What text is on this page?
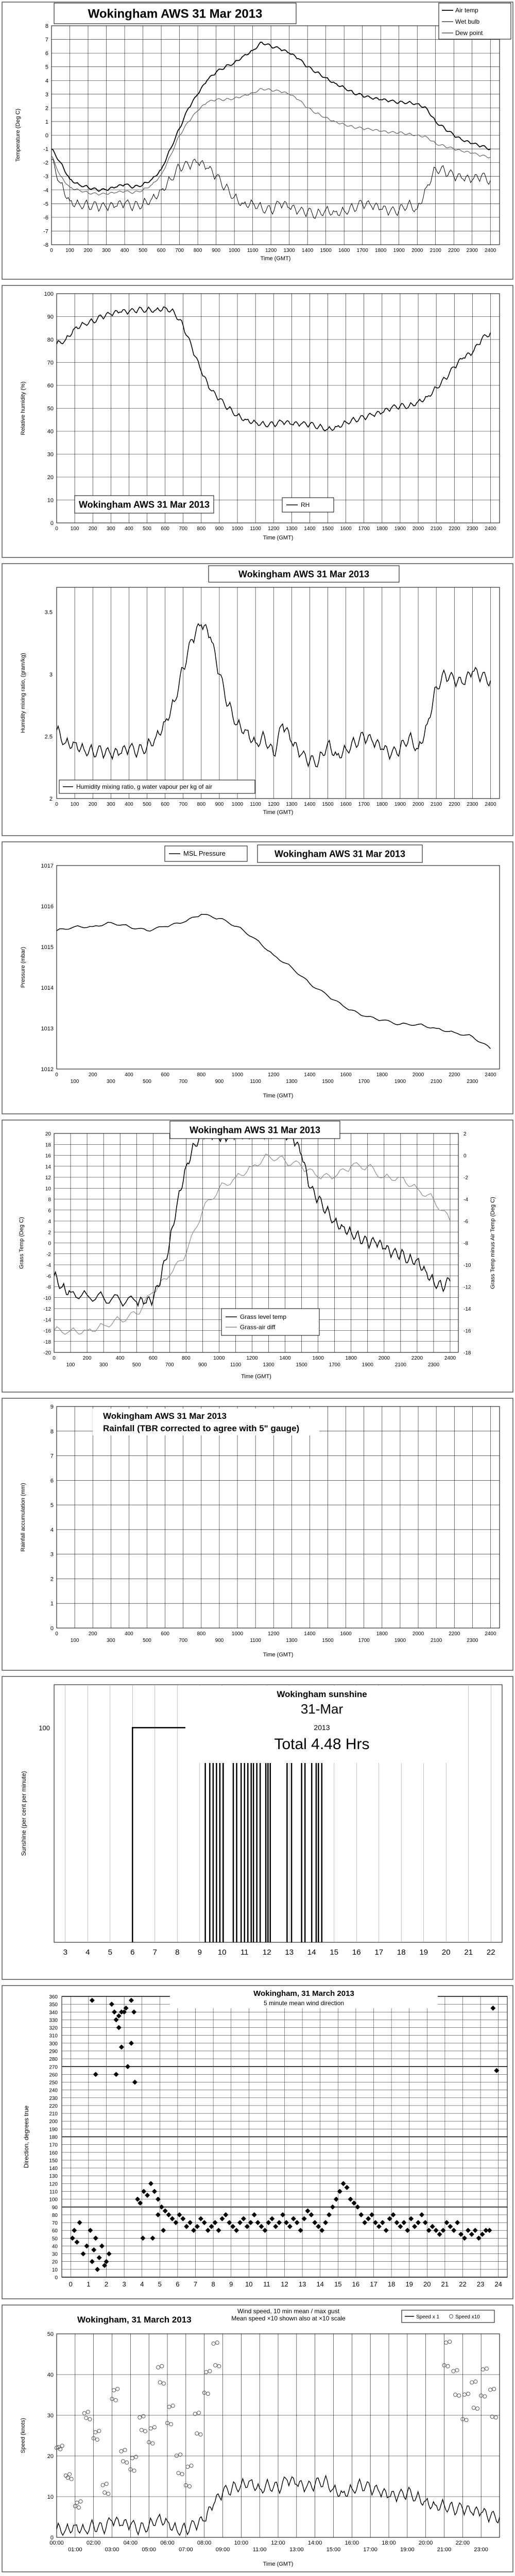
-8
-7
-6
-5
-4
-3
-2
-1
0
1
2
3
4
5
6
7
8
0 100 200 300 400 500 600 700 800 900 1000 1100 1200 1300 1400 1500 1600 1700 1800 1900 2000 2100 2200 2300 2400
Wokingham AWS 31 Mar 2013	Air temp
Wet bulb
Dew point
Temperature (Deg C)
Time (GMT)
0
10
20
30
40
50
60
70
80
90
100
0 100 200 300 400 500 600 700 800 900 1000 1100 1200 1300 1400 1500 1600 1700 1800 1900 2000 2100 2200 2300 2400
Wokingham AWS 31 Mar 2013	RH
Relative humidity (%)
Time (GMT)
2
2.5
3
3.5
0 100 200 300 400 500 600 700 800 900 1000 1100 1200 1300 1400 1500 1600 1700 1800 1900 2000 2100 2200 2300 2400
Wokingham AWS 31 Mar 2013
Humidity mixing ratio, g water vapour per kg of air
Humidity mixing ratio, (gram/kg)
Time (GMT)
1012
1013
1014
1015
1016
1017
0	200	400	600	800	1000	1200	1400	1600	1800	2000	2200	2400
100	300	500	700	900	1100	1300	1500	1700	1900	2100	2300
MSL Pressure	Wokingham AWS 31 Mar 2013
Pressure (mbar)
Time (GMT)
20
18
16
14
12
10
8
6
4
2
0
-2
-4
-6
-8
-10
-12
-14
-16
-18
-20
2
0
-2
-4
-6
-8
-10
-12
-14
-16
-18
0	200	400	600	800	1000	1200	1400	1600	1800	2000	2200	2400
100	300	500	700	900	1100	1300	1500	1700	1900	2100	2300
Wokingham AWS 31 Mar 2013
Grass level temp
Grass-air diff
Grass Temp (Deg C)	Grass Temp minus Air Temp (Deg C)
Time (GMT)
0
1
2
3
4
5
6
7
8
9
0	200	400	600	800	1000	1200	1400	1600	1800	2000	2200	2400
100	300	500	700	900	1100	1300	1500	1700	1900	2100	2300
Wokingham AWS 31 Mar 2013
Rainfall (TBR corrected to agree with 5" gauge)
Rainfall accumulation (mm)
Time (GMT)
3 4 5 6 7 8 9 10 11 12 13 14 15 16 17 18 19 20 21 22
100
Wokingham sunshine
31-Mar
2013
Total 4.48 Hrs
Sunshine (per cent per minute)
0
10
20
30
40
50
60
70
80
90
100
110
120
130
140
150
160
170
180
190
200
210
220
230
240
250
260
270
280
290
300
310
320
330
340
350
360
0 1 2 3 4 5 6 7 8 9 10 11 12 13 14 15 16 17 18 19 20 21 22 23 24
Wokingham, 31 March 2013
5 minute mean wind direction
Direction, degrees true
0
10
20
30
40
50
00:00	02:00	04:00	06:00	08:00	10:00	12:00	14:00	16:00	18:00	20:00	22:00
01:00	03:00	05:00	07:00	09:00	11:00	13:00	15:00	17:00	19:00	21:00	23:00
Wokingham, 31 March 2013
Wind speed, 10 min mean / max gust
Mean speed ×10 shown also at ×10 scale	Speed x 1	Speed x10
Speed (knots)
Time (GMT)
